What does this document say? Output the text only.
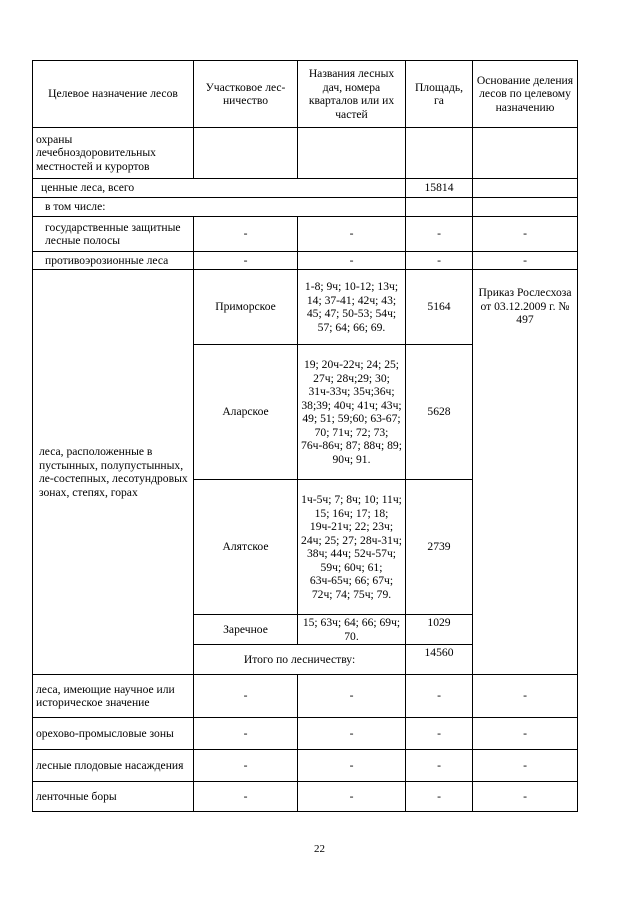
Целевое назначение лесов	Участковое лес-ничество	Названия лесных дач, номера кварталов или их частей	Площадь, га	Основание деления лесов по целевому назначению
охраны лечебноздоровительных местностей и курортов				
ценные леса, всего			15814	
в том числе:				
государственные защитные лесные полосы	-	-	-	-
противоэрозионные леса	-	-	-	-
леса, расположенные в пустынных, полупустынных, ле-состепных, лесотундровых зонах, степях, горах	Приморское	1-8; 9ч; 10-12; 13ч; 14; 37-41; 42ч; 43; 45; 47; 50-53; 54ч; 57; 64; 66; 69.	5164	Приказ Рослесхоза от 03.12.2009 г. № 497
	Аларское	19; 20ч-22ч; 24; 25; 27ч; 28ч;29; 30; 31ч-33ч; 35ч;36ч; 38;39; 40ч; 41ч; 43ч; 49; 51; 59;60; 63-67; 70; 71ч; 72; 73; 76ч-86ч; 87; 88ч; 89; 90ч; 91.	5628	
	Алятское	1ч-5ч; 7; 8ч; 10; 11ч; 15; 16ч; 17; 18; 19ч-21ч; 22; 23ч; 24ч; 25; 27; 28ч-31ч; 38ч; 44ч; 52ч-57ч; 59ч; 60ч; 61; 63ч-65ч; 66; 67ч; 72ч; 74; 75ч; 79.	2739	
	Заречное	15; 63ч; 64; 66; 69ч; 70.	1029	
	Итого по лесничеству:		14560	
леса, имеющие научное или историческое значение	-	-	-	-
орехово-промысловые зоны	-	-	-	-
лесные плодовые насаждения	-	-	-	-
ленточные боры	-	-	-	-
22
